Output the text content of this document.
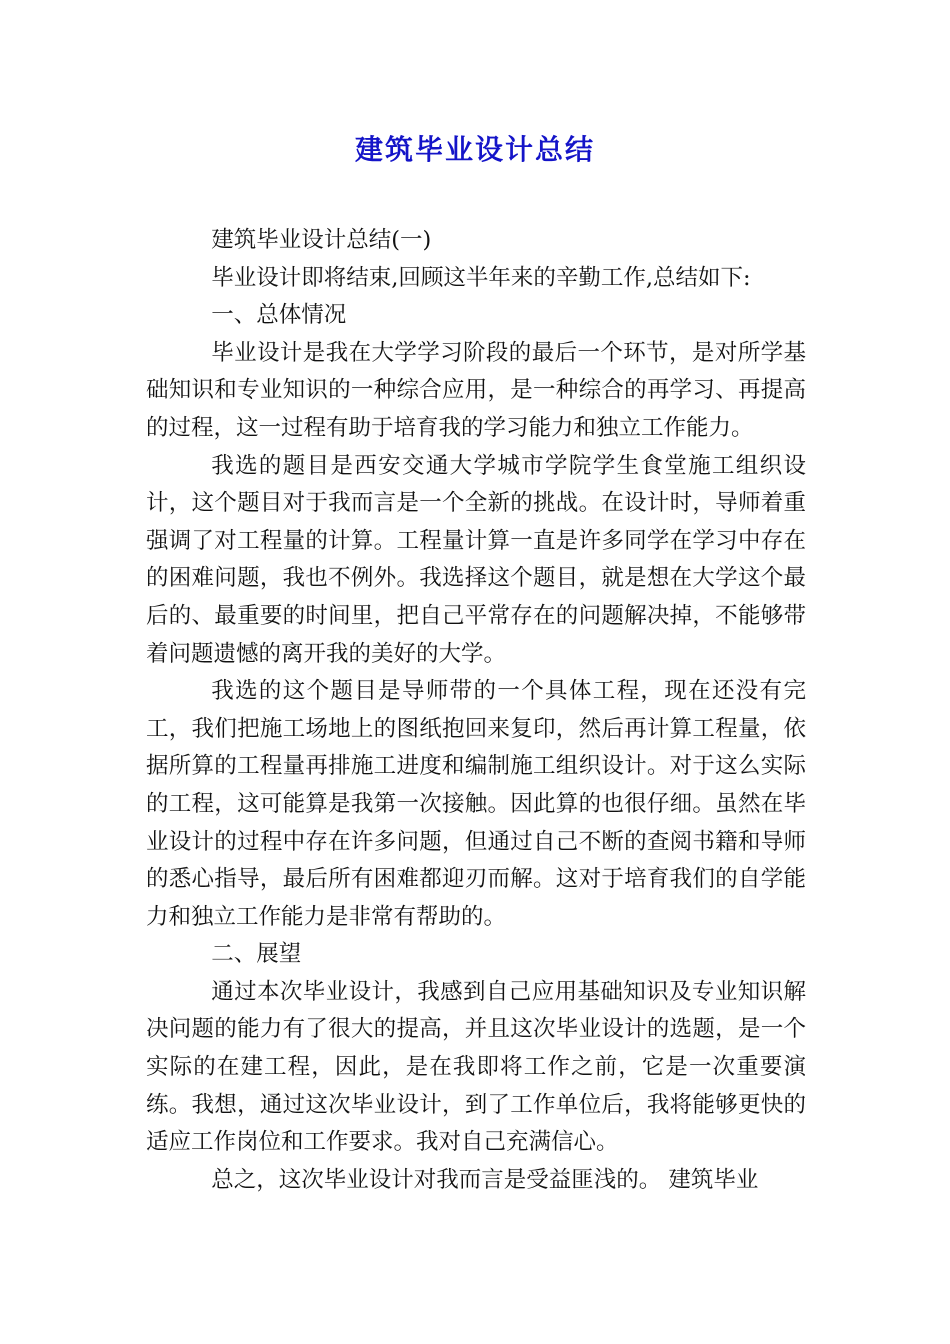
建筑毕业设计总结

建筑毕业设计总结(一)

毕业设计即将结束,回顾这半年来的辛勤工作,总结如下:

一、总体情况

毕业设计是我在大学学习阶段的最后一个环节，是对所学基础知识和专业知识的一种综合应用，是一种综合的再学习、再提高的过程，这一过程有助于培育我的学习能力和独立工作能力。

我选的题目是西安交通大学城市学院学生食堂施工组织设计，这个题目对于我而言是一个全新的挑战。在设计时，导师着重强调了对工程量的计算。工程量计算一直是许多同学在学习中存在的困难问题，我也不例外。我选择这个题目，就是想在大学这个最后的、最重要的时间里，把自己平常存在的问题解决掉，不能够带着问题遗憾的离开我的美好的大学。

我选的这个题目是导师带的一个具体工程，现在还没有完工，我们把施工场地上的图纸抱回来复印，然后再计算工程量，依据所算的工程量再排施工进度和编制施工组织设计。对于这么实际的工程，这可能算是我第一次接触。因此算的也很仔细。虽然在毕业设计的过程中存在许多问题，但通过自己不断的查阅书籍和导师的悉心指导，最后所有困难都迎刃而解。这对于培育我们的自学能力和独立工作能力是非常有帮助的。

二、展望

通过本次毕业设计，我感到自己应用基础知识及专业知识解决问题的能力有了很大的提高，并且这次毕业设计的选题，是一个实际的在建工程，因此，是在我即将工作之前，它是一次重要演练。我想，通过这次毕业设计，到了工作单位后，我将能够更快的适应工作岗位和工作要求。我对自己充满信心。

总之，这次毕业设计对我而言是受益匪浅的。 建筑毕业
